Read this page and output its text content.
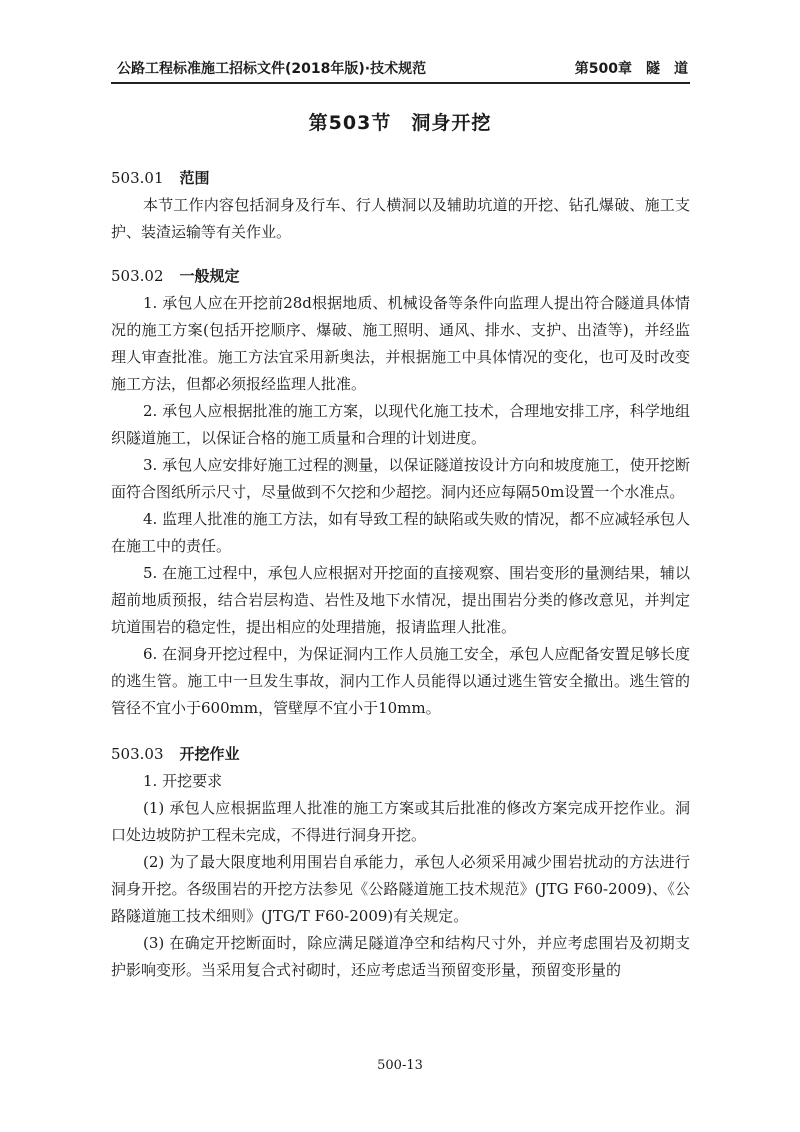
公路工程标准施工招标文件(2018年版)·技术规范	第500章　隧　道
第503节　洞身开挖
503.01 范围

本节工作内容包括洞身及行车、行人横洞以及辅助坑道的开挖、钻孔爆破、施工支护、装渣运输等有关作业。

503.02 一般规定

1. 承包人应在开挖前28d根据地质、机械设备等条件向监理人提出符合隧道具体情况的施工方案(包括开挖顺序、爆破、施工照明、通风、排水、支护、出渣等)，并经监理人审查批准。施工方法宜采用新奥法，并根据施工中具体情况的变化，也可及时改变施工方法，但都必须报经监理人批准。

2. 承包人应根据批准的施工方案，以现代化施工技术，合理地安排工序，科学地组织隧道施工，以保证合格的施工质量和合理的计划进度。

3. 承包人应安排好施工过程的测量，以保证隧道按设计方向和坡度施工，使开挖断面符合图纸所示尺寸，尽量做到不欠挖和少超挖。洞内还应每隔50m设置一个水准点。

4. 监理人批准的施工方法，如有导致工程的缺陷或失败的情况，都不应减轻承包人在施工中的责任。

5. 在施工过程中，承包人应根据对开挖面的直接观察、围岩变形的量测结果，辅以超前地质预报，结合岩层构造、岩性及地下水情况，提出围岩分类的修改意见，并判定坑道围岩的稳定性，提出相应的处理措施，报请监理人批准。

6. 在洞身开挖过程中，为保证洞内工作人员施工安全，承包人应配备安置足够长度的逃生管。施工中一旦发生事故，洞内工作人员能得以通过逃生管安全撤出。逃生管的管径不宜小于600mm，管壁厚不宜小于10mm。

503.03 开挖作业

1. 开挖要求

(1) 承包人应根据监理人批准的施工方案或其后批准的修改方案完成开挖作业。洞口处边坡防护工程未完成，不得进行洞身开挖。

(2) 为了最大限度地利用围岩自承能力，承包人必须采用减少围岩扰动的方法进行洞身开挖。各级围岩的开挖方法参见《公路隧道施工技术规范》(JTG F60-2009)、《公路隧道施工技术细则》(JTG/T F60-2009)有关规定。

(3) 在确定开挖断面时，除应满足隧道净空和结构尺寸外，并应考虑围岩及初期支护影响变形。当采用复合式衬砌时，还应考虑适当预留变形量，预留变形量的

500-13
